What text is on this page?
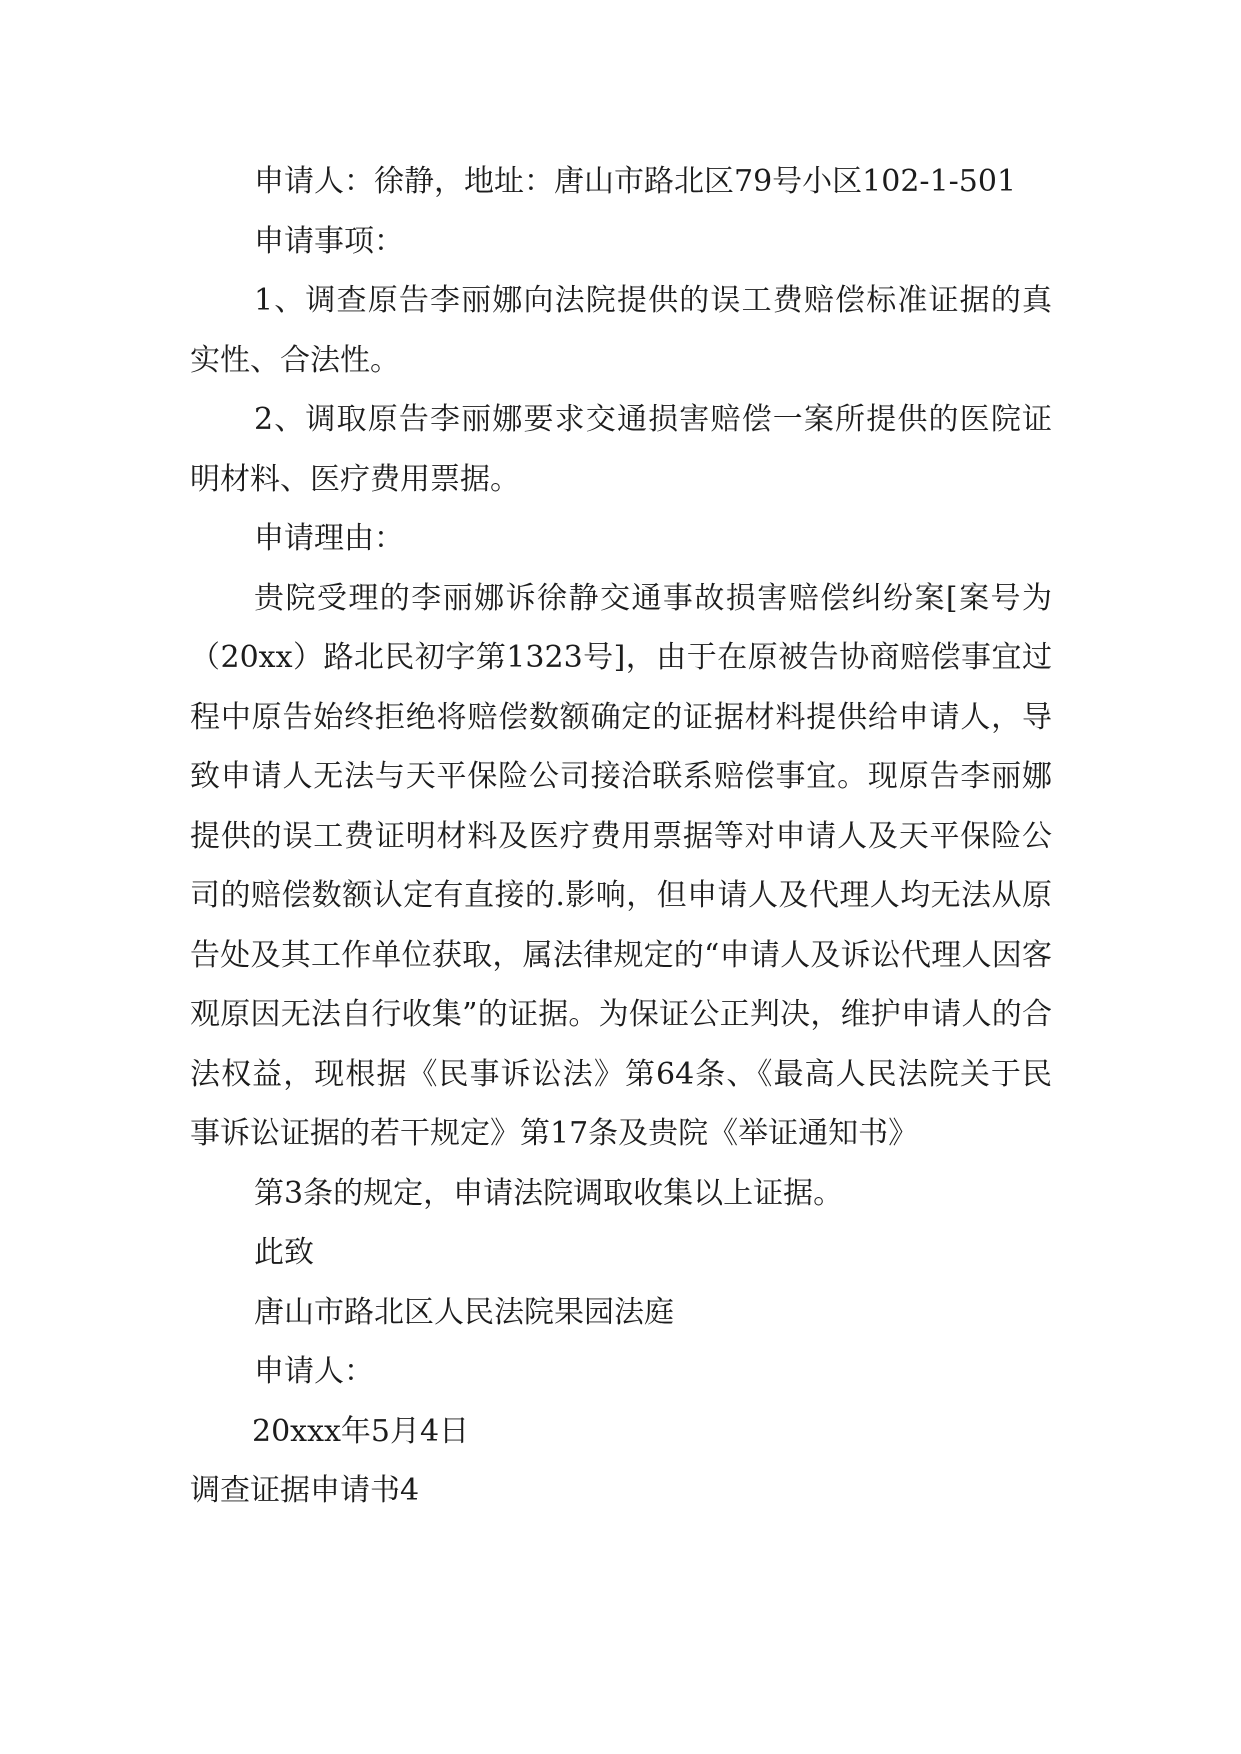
申请人：徐静，地址：唐山市路北区79号小区102-1-501

申请事项：

1、调查原告李丽娜向法院提供的误工费赔偿标准证据的真实性、合法性。

2、调取原告李丽娜要求交通损害赔偿一案所提供的医院证明材料、医疗费用票据。

申请理由：

贵院受理的李丽娜诉徐静交通事故损害赔偿纠纷案[案号为（20xx）路北民初字第1323号]，由于在原被告协商赔偿事宜过程中原告始终拒绝将赔偿数额确定的证据材料提供给申请人，导致申请人无法与天平保险公司接洽联系赔偿事宜。现原告李丽娜提供的误工费证明材料及医疗费用票据等对申请人及天平保险公司的赔偿数额认定有直接的.影响，但申请人及代理人均无法从原告处及其工作单位获取，属法律规定的“申请人及诉讼代理人因客观原因无法自行收集”的证据。为保证公正判决，维护申请人的合法权益，现根据《民事诉讼法》第64条、《最高人民法院关于民事诉讼证据的若干规定》第17条及贵院《举证通知书》

第3条的规定，申请法院调取收集以上证据。

此致

唐山市路北区人民法院果园法庭

申请人：

20xxx年5月4日

调查证据申请书4
